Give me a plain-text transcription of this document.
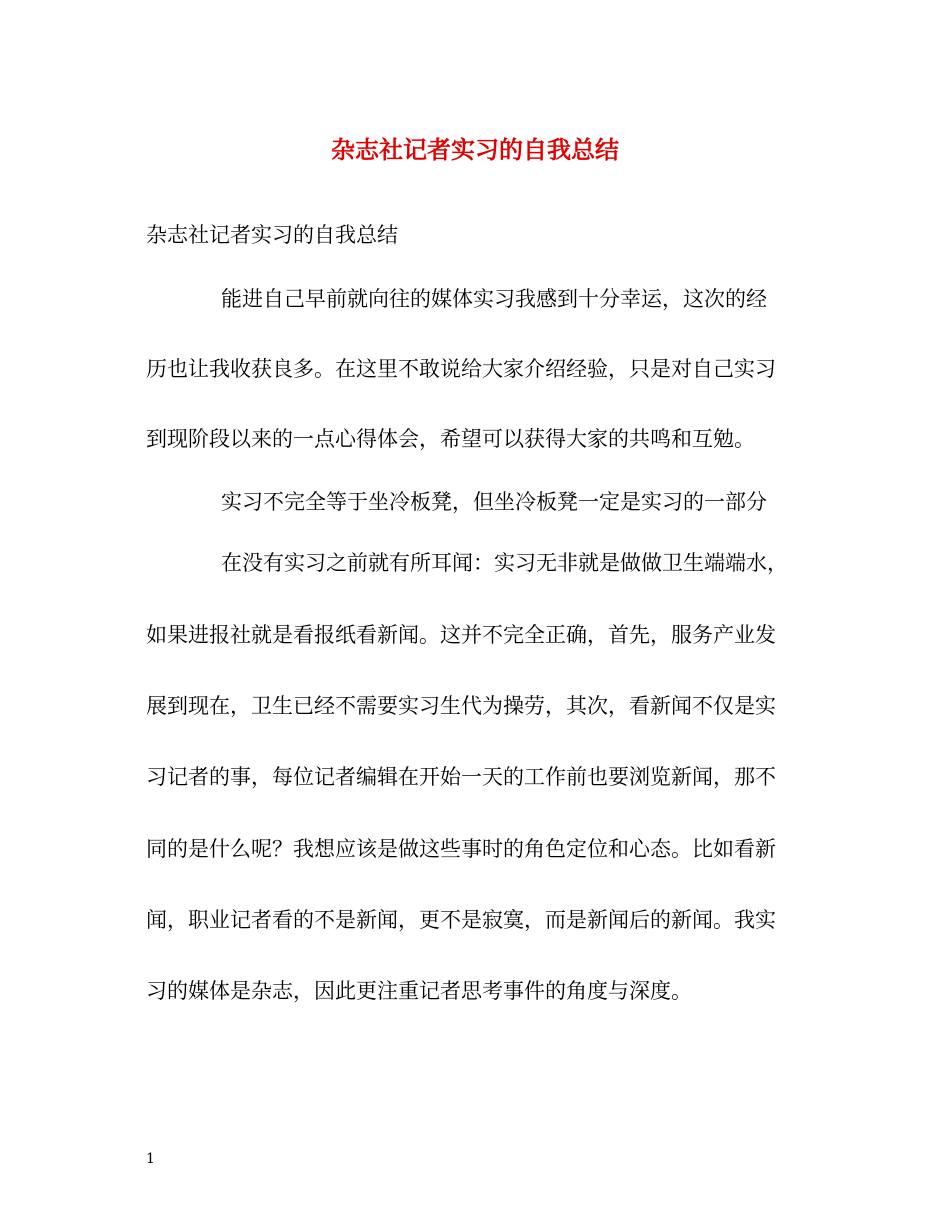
杂志社记者实习的自我总结
杂志社记者实习的自我总结
能进自己早前就向往的媒体实习我感到十分幸运，这次的经
历也让我收获良多。在这里不敢说给大家介绍经验，只是对自己实习
到现阶段以来的一点心得体会，希望可以获得大家的共鸣和互勉。
实习不完全等于坐冷板凳，但坐冷板凳一定是实习的一部分
在没有实习之前就有所耳闻：实习无非就是做做卫生端端水，
如果进报社就是看报纸看新闻。这并不完全正确，首先，服务产业发
展到现在，卫生已经不需要实习生代为操劳，其次，看新闻不仅是实
习记者的事，每位记者编辑在开始一天的工作前也要浏览新闻，那不
同的是什么呢？我想应该是做这些事时的角色定位和心态。比如看新
闻，职业记者看的不是新闻，更不是寂寞，而是新闻后的新闻。我实
习的媒体是杂志，因此更注重记者思考事件的角度与深度。
1
